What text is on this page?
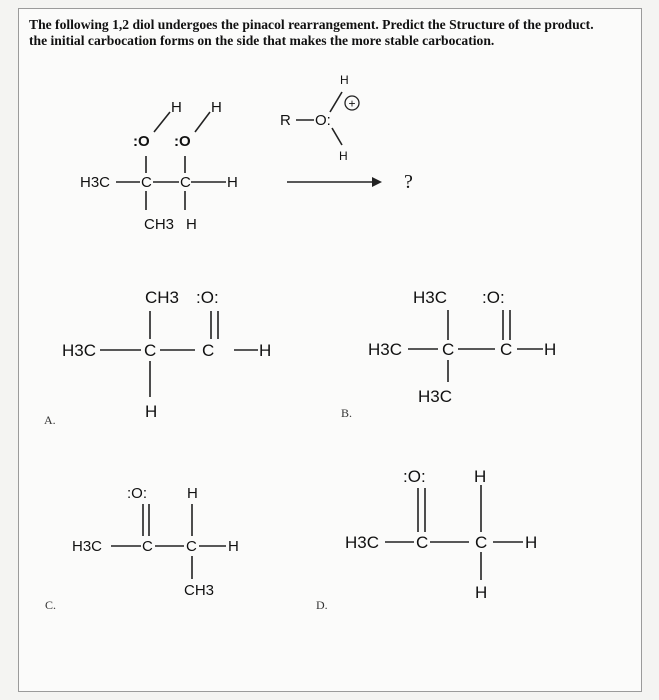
The following 1,2 diol undergoes the pinacol rearrangement. Predict the Structure of the product.
the initial carbocation forms on the side that makes the more stable carbocation.
H H
:O :O
H3C C C H
CH3 H
H
R O:
H
+
?
CH3 :O:
H3C	C	C	H
H
A.
H3C :O:
H3C C	C H
H3C
B.
:O:	H
H3C	C C H
CH3
C.
:O:	H
H3C C	C H
H
D.
